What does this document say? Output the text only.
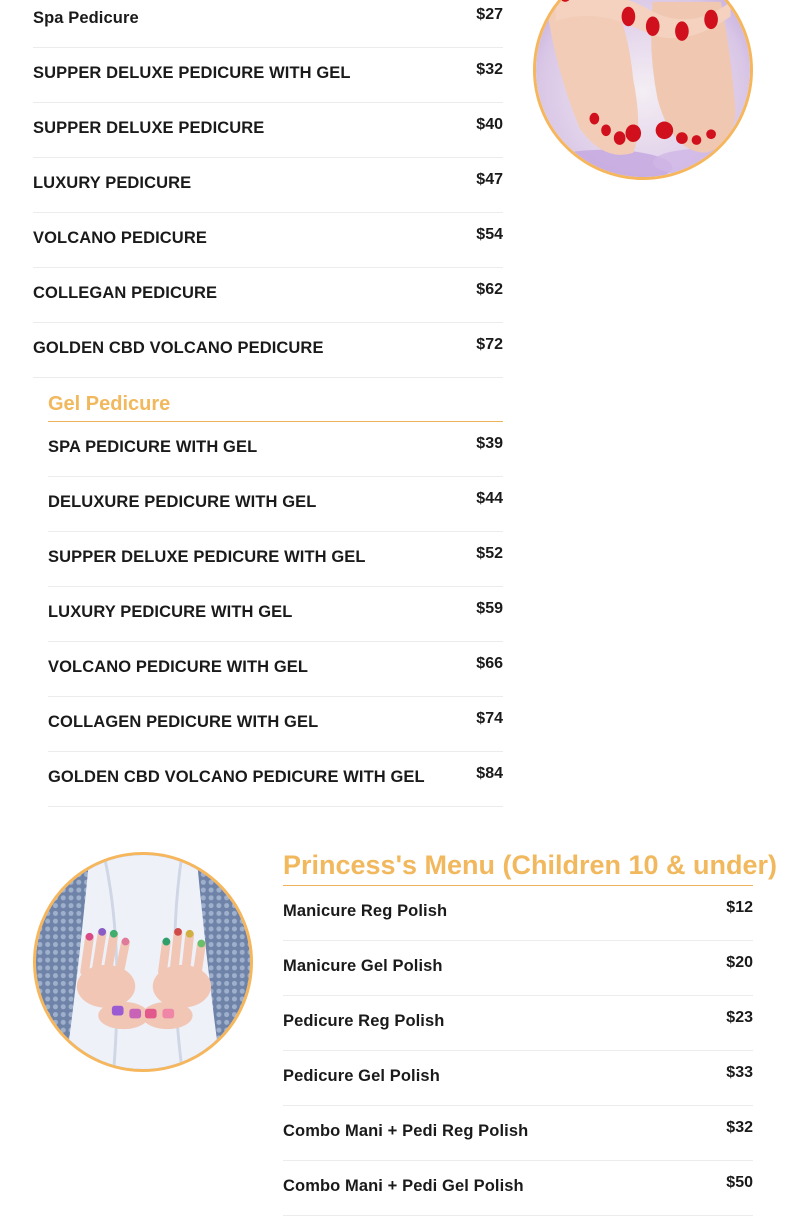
Spa Pedicure	$27
SUPPER DELUXE PEDICURE WITH GEL	$32
SUPPER DELUXE PEDICURE	$40
LUXURY PEDICURE	$47
VOLCANO PEDICURE	$54
COLLEGAN PEDICURE	$62
GOLDEN CBD VOLCANO PEDICURE	$72
Gel Pedicure
SPA PEDICURE WITH GEL	$39
DELUXURE PEDICURE WITH GEL	$44
SUPPER DELUXE PEDICURE WITH GEL	$52
LUXURY PEDICURE WITH GEL	$59
VOLCANO PEDICURE WITH GEL	$66
COLLAGEN PEDICURE WITH GEL	$74
GOLDEN CBD VOLCANO PEDICURE WITH GEL	$84
Princess's Menu (Children 10 & under)
Manicure Reg Polish	$12
Manicure Gel Polish	$20
Pedicure Reg Polish	$23
Pedicure Gel Polish	$33
Combo Mani + Pedi Reg Polish	$32
Combo Mani + Pedi Gel Polish	$50
